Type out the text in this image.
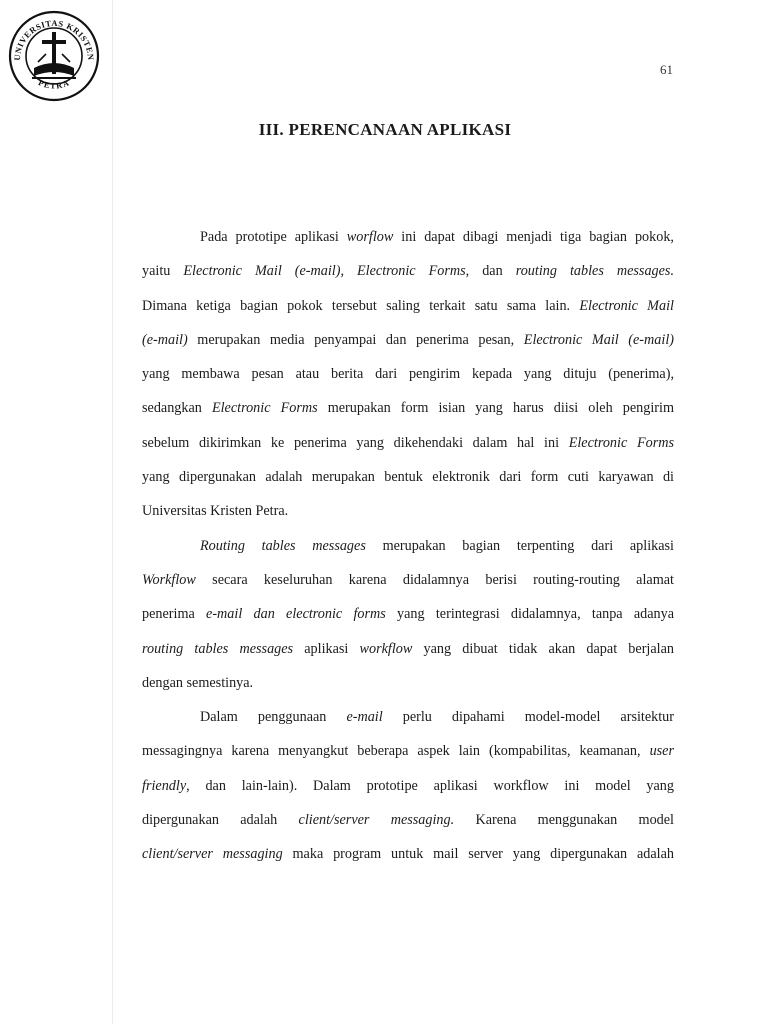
UNIVERSITAS KRISTEN
PETRA
61
III. PERENCANAAN APLIKASI
Pada prototipe aplikasi worflow ini dapat dibagi menjadi tiga bagian pokok,
yaitu Electronic Mail (e-mail), Electronic Forms, dan routing tables messages.
Dimana ketiga bagian pokok tersebut saling terkait satu sama lain. Electronic Mail
(e-mail) merupakan media penyampai dan penerima pesan, Electronic Mail (e-mail)
yang membawa pesan atau berita dari pengirim kepada yang dituju (penerima),
sedangkan Electronic Forms merupakan form isian yang harus diisi oleh pengirim
sebelum dikirimkan ke penerima yang dikehendaki dalam hal ini Electronic Forms
yang dipergunakan adalah merupakan bentuk elektronik dari form cuti karyawan di
Universitas Kristen Petra.
Routing tables messages merupakan bagian terpenting dari aplikasi
Workflow secara keseluruhan karena didalamnya berisi routing-routing alamat
penerima e-mail dan electronic forms yang terintegrasi didalamnya, tanpa adanya
routing tables messages aplikasi workflow yang dibuat tidak akan dapat berjalan
dengan semestinya.
Dalam penggunaan e-mail perlu dipahami model-model arsitektur
messagingnya karena menyangkut beberapa aspek lain (kompabilitas, keamanan, user
friendly, dan lain-lain). Dalam prototipe aplikasi workflow ini model yang
dipergunakan adalah client/server messaging. Karena menggunakan model
client/server messaging maka program untuk mail server yang dipergunakan adalah
